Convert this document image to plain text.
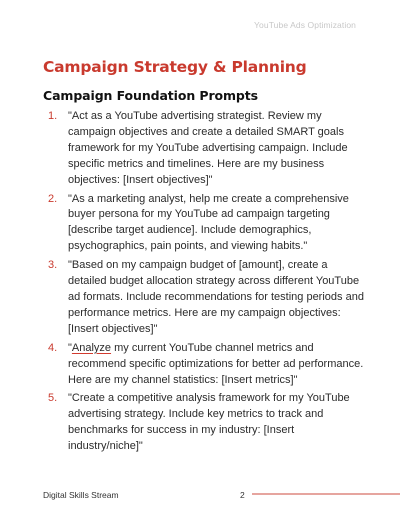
YouTube Ads Optimization
Campaign Strategy & Planning
Campaign Foundation Prompts
1. "Act as a YouTube advertising strategist. Review my campaign objectives and create a detailed SMART goals framework for my YouTube advertising campaign. Include specific metrics and timelines. Here are my business objectives: [Insert objectives]"
2. "As a marketing analyst, help me create a comprehensive buyer persona for my YouTube ad campaign targeting [describe target audience]. Include demographics, psychographics, pain points, and viewing habits."
3. "Based on my campaign budget of [amount], create a detailed budget allocation strategy across different YouTube ad formats. Include recommendations for testing periods and performance metrics. Here are my campaign objectives: [Insert objectives]"
4. "Analyze my current YouTube channel metrics and recommend specific optimizations for better ad performance. Here are my channel statistics: [Insert metrics]"
5. "Create a competitive analysis framework for my YouTube advertising strategy. Include key metrics to track and benchmarks for success in my industry: [Insert industry/niche]"
Digital Skills Stream	2
